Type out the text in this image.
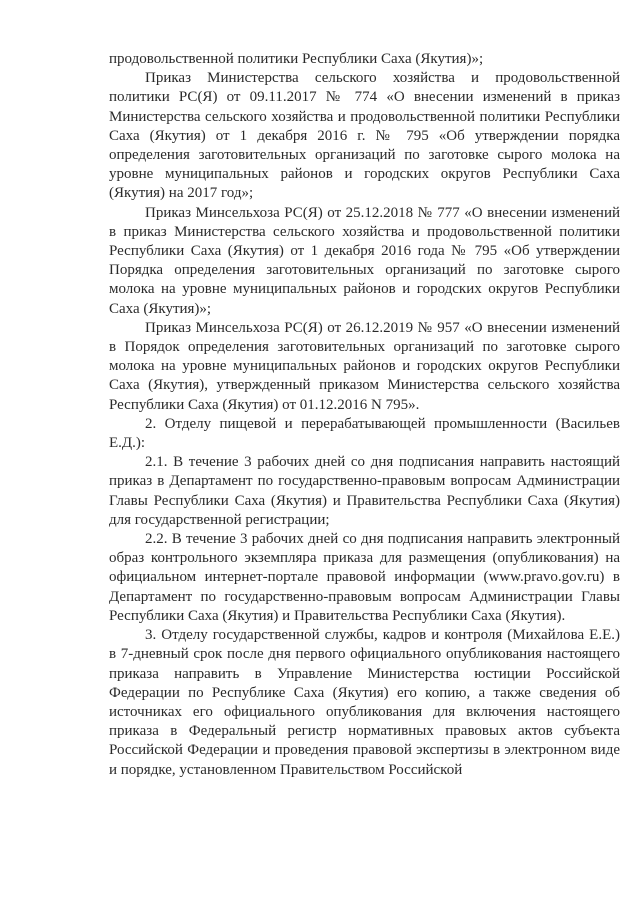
продовольственной политики Республики Саха (Якутия)»;

Приказ Министерства сельского хозяйства и продовольственной политики РС(Я) от 09.11.2017 № 774 «О внесении изменений в приказ Министерства сельского хозяйства и продовольственной политики Республики Саха (Якутия) от 1 декабря 2016 г. № 795 «Об утверждении порядка определения заготовительных организаций по заготовке сырого молока на уровне муниципальных районов и городских округов Республики Саха (Якутия) на 2017 год»;

Приказ Минсельхоза РС(Я) от 25.12.2018 № 777 «О внесении изменений в приказ Министерства сельского хозяйства и продовольственной политики Республики Саха (Якутия) от 1 декабря 2016 года № 795 «Об утверждении Порядка определения заготовительных организаций по заготовке сырого молока на уровне муниципальных районов и городских округов Республики Саха (Якутия)»;

Приказ Минсельхоза РС(Я) от 26.12.2019 № 957 «О внесении изменений в Порядок определения заготовительных организаций по заготовке сырого молока на уровне муниципальных районов и городских округов Республики Саха (Якутия), утвержденный приказом Министерства сельского хозяйства Республики Саха (Якутия) от 01.12.2016 N 795».

2. Отделу пищевой и перерабатывающей промышленности (Васильев Е.Д.):

2.1. В течение 3 рабочих дней со дня подписания направить настоящий приказ в Департамент по государственно-правовым вопросам Администрации Главы Республики Саха (Якутия) и Правительства Республики Саха (Якутия) для государственной регистрации;

2.2. В течение 3 рабочих дней со дня подписания направить электронный образ контрольного экземпляра приказа для размещения (опубликования) на официальном интернет-портале правовой информации (www.pravo.gov.ru) в Департамент по государственно-правовым вопросам Администрации Главы Республики Саха (Якутия) и Правительства Республики Саха (Якутия).

3. Отделу государственной службы, кадров и контроля (Михайлова Е.Е.) в 7-дневный срок после дня первого официального опубликования настоящего приказа направить в Управление Министерства юстиции Российской Федерации по Республике Саха (Якутия) его копию, а также сведения об источниках его официального опубликования для включения настоящего приказа в Федеральный регистр нормативных правовых актов субъекта Российской Федерации и проведения правовой экспертизы в электронном виде и порядке, установленном Правительством Российской
